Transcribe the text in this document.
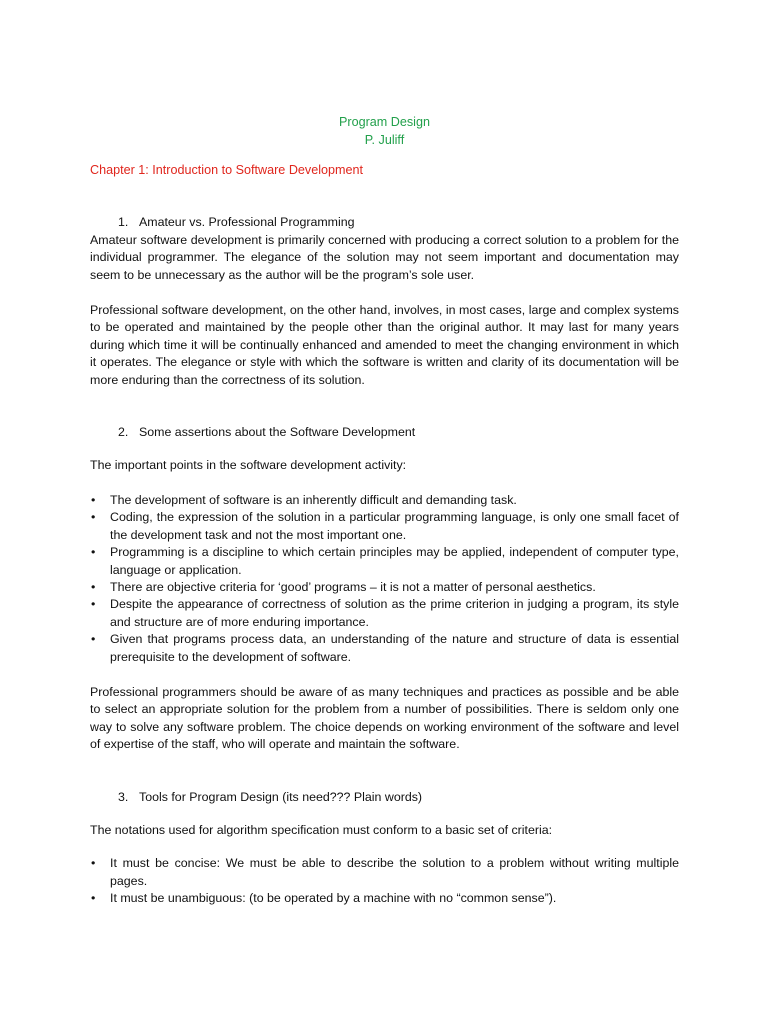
Program Design
P. Juliff
Chapter 1: Introduction to Software Development
1. Amateur vs. Professional Programming

Amateur software development is primarily concerned with producing a correct solution to a problem for the individual programmer. The elegance of the solution may not seem important and documentation may seem to be unnecessary as the author will be the program’s sole user.

Professional software development, on the other hand, involves, in most cases, large and complex systems to be operated and maintained by the people other than the original author. It may last for many years during which time it will be continually enhanced and amended to meet the changing environment in which it operates. The elegance or style with which the software is written and clarity of its documentation will be more enduring than the correctness of its solution.

2. Some assertions about the Software Development

The important points in the software development activity:

• The development of software is an inherently difficult and demanding task.
• Coding, the expression of the solution in a particular programming language, is only one small facet of the development task and not the most important one.
• Programming is a discipline to which certain principles may be applied, independent of computer type, language or application.
• There are objective criteria for ‘good’ programs – it is not a matter of personal aesthetics.
• Despite the appearance of correctness of solution as the prime criterion in judging a program, its style and structure are of more enduring importance.
• Given that programs process data, an understanding of the nature and structure of data is essential prerequisite to the development of software.

Professional programmers should be aware of as many techniques and practices as possible and be able to select an appropriate solution for the problem from a number of possibilities. There is seldom only one way to solve any software problem. The choice depends on working environment of the software and level of expertise of the staff, who will operate and maintain the software.

3. Tools for Program Design (its need??? Plain words)

The notations used for algorithm specification must conform to a basic set of criteria:

• It must be concise: We must be able to describe the solution to a problem without writing multiple pages.
• It must be unambiguous: (to be operated by a machine with no “common sense”).
